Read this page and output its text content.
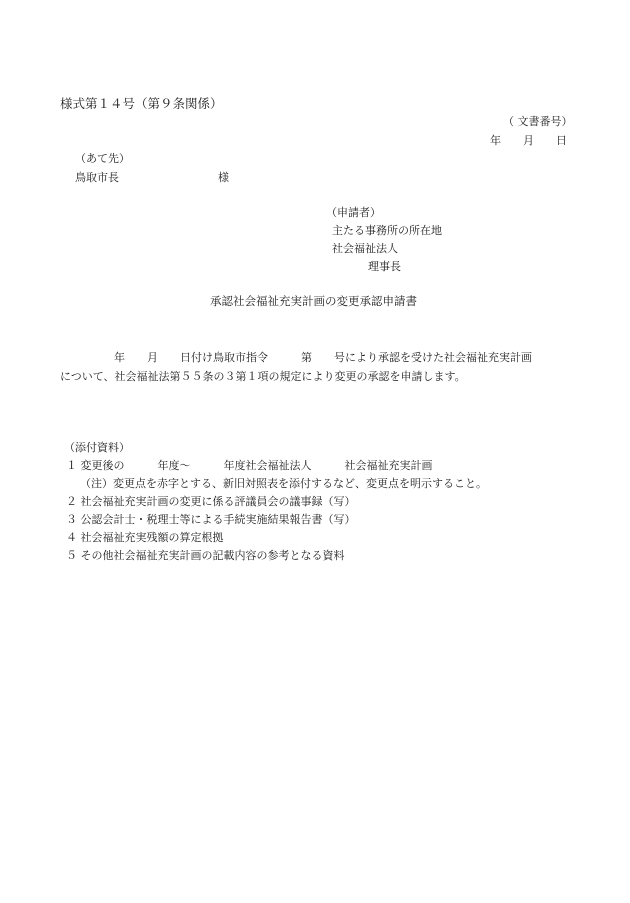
様式第１４号（第９条関係）
（ 文書番号）
年　　月　　日
（あて先）
鳥取市長　　　　　　　　　様
（申請者）
主たる事務所の所在地
社会福祉法人
理事長
承認社会福祉充実計画の変更承認申請書
年　　月　　日付け鳥取市指令　　　第　　号により承認を受けた社会福祉充実計画
について、社会福祉法第５５条の３第１項の規定により変更の承認を申請します。
（添付資料）
１ 変更後の　　　年度～　　　年度社会福祉法人　　　社会福祉充実計画
（注）変更点を赤字とする、新旧対照表を添付するなど、変更点を明示すること。
２ 社会福祉充実計画の変更に係る評議員会の議事録（写）
３ 公認会計士・税理士等による手続実施結果報告書（写）
４ 社会福祉充実残額の算定根拠
５ その他社会福祉充実計画の記載内容の参考となる資料
